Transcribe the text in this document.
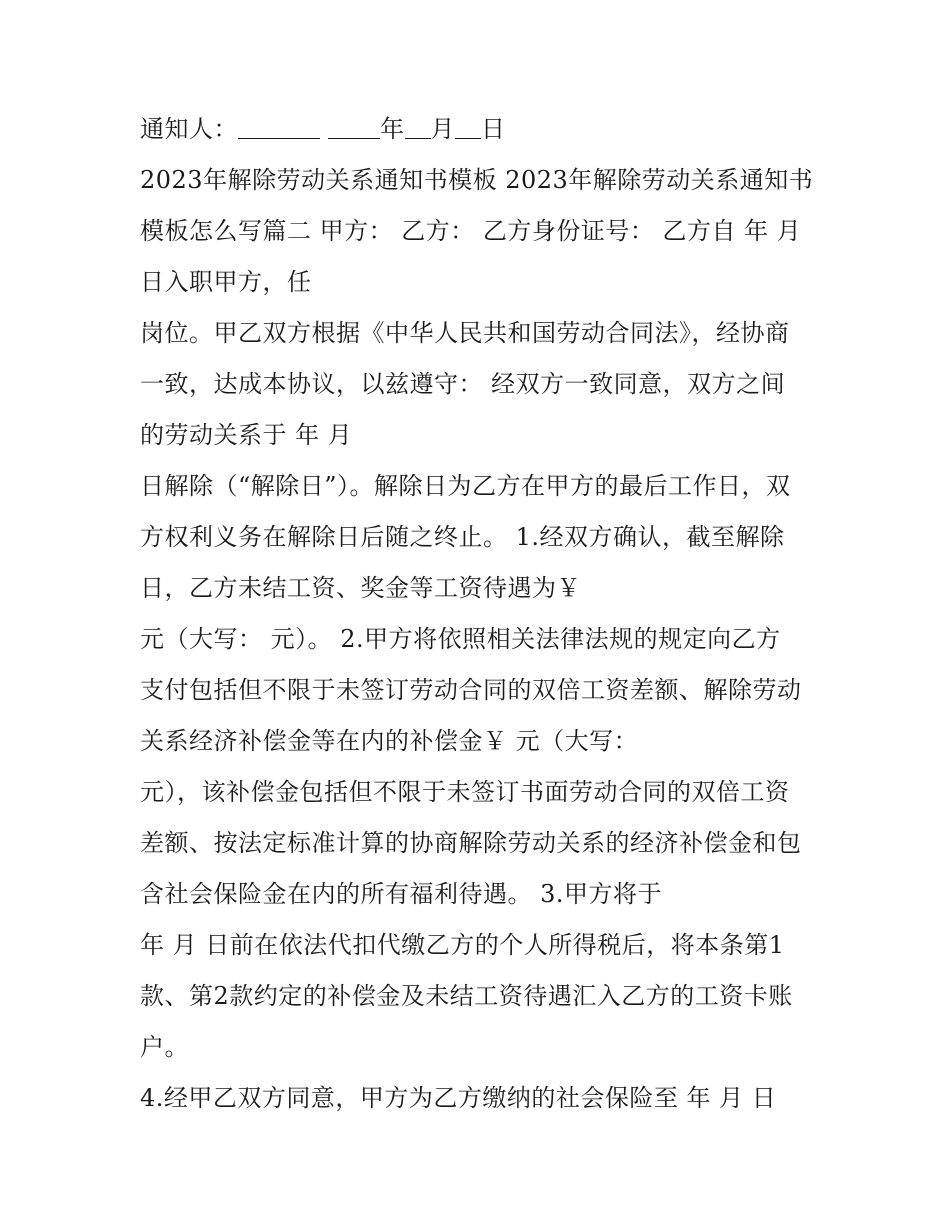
通知人：	年 月 日
2023年解除劳动关系通知书模板 2023年解除劳动关系通知书
模板怎么写篇二 甲方： 乙方： 乙方身份证号： 乙方自 年 月
日入职甲方，任
岗位。甲乙双方根据《中华人民共和国劳动合同法》，经协商
一致，达成本协议，以兹遵守： 经双方一致同意，双方之间
的劳动关系于 年 月
日解除（“解除日”）。解除日为乙方在甲方的最后工作日，双
方权利义务在解除日后随之终止。 1.经双方确认，截至解除
日，乙方未结工资、奖金等工资待遇为￥
元（大写： 元）。 2.甲方将依照相关法律法规的规定向乙方
支付包括但不限于未签订劳动合同的双倍工资差额、解除劳动
关系经济补偿金等在内的补偿金￥ 元（大写：
元），该补偿金包括但不限于未签订书面劳动合同的双倍工资
差额、按法定标准计算的协商解除劳动关系的经济补偿金和包
含社会保险金在内的所有福利待遇。 3.甲方将于
年 月 日前在依法代扣代缴乙方的个人所得税后，将本条第1
款、第2款约定的补偿金及未结工资待遇汇入乙方的工资卡账
户。
4.经甲乙双方同意，甲方为乙方缴纳的社会保险至 年 月 日
